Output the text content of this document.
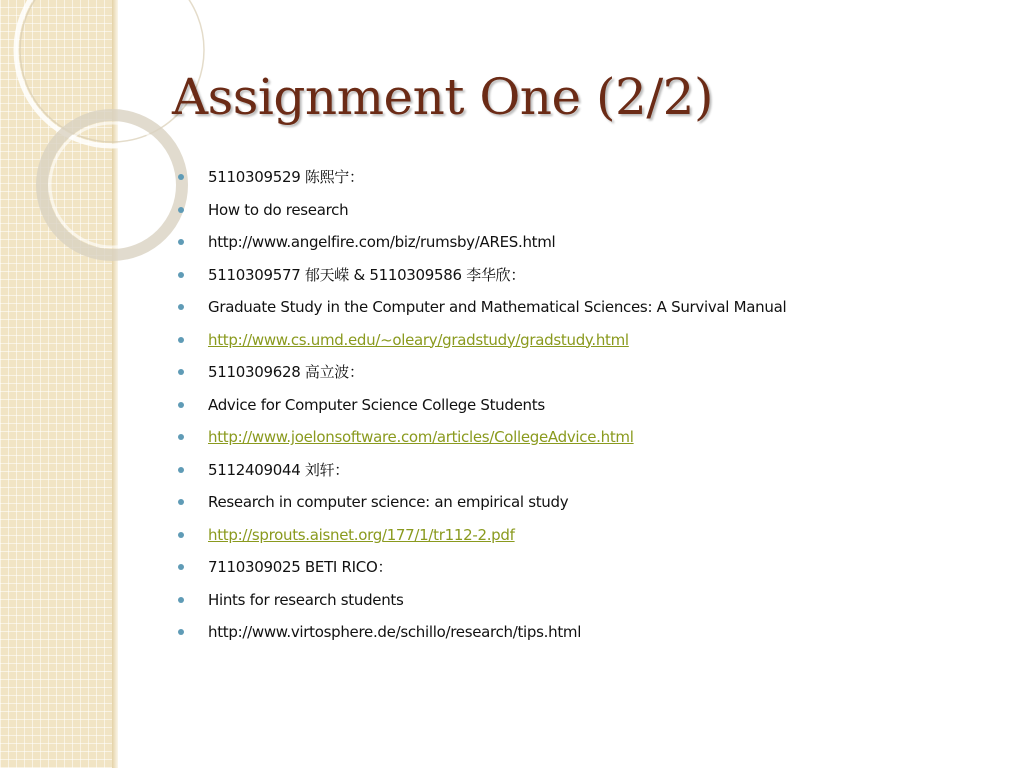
Assignment One (2/2)
5110309529 陈熙宁：
How to do research
http://www.angelfire.com/biz/rumsby/ARES.html
5110309577 郁天嵘 & 5110309586 李华欣：
Graduate Study in the Computer and Mathematical Sciences: A Survival Manual
http://www.cs.umd.edu/~oleary/gradstudy/gradstudy.html
5110309628 高立波：
Advice for Computer Science College Students
http://www.joelonsoftware.com/articles/CollegeAdvice.html
5112409044 刘轩：
Research in computer science: an empirical study
http://sprouts.aisnet.org/177/1/tr112-2.pdf
7110309025 BETI RICO：
Hints for research students
http://www.virtosphere.de/schillo/research/tips.html
